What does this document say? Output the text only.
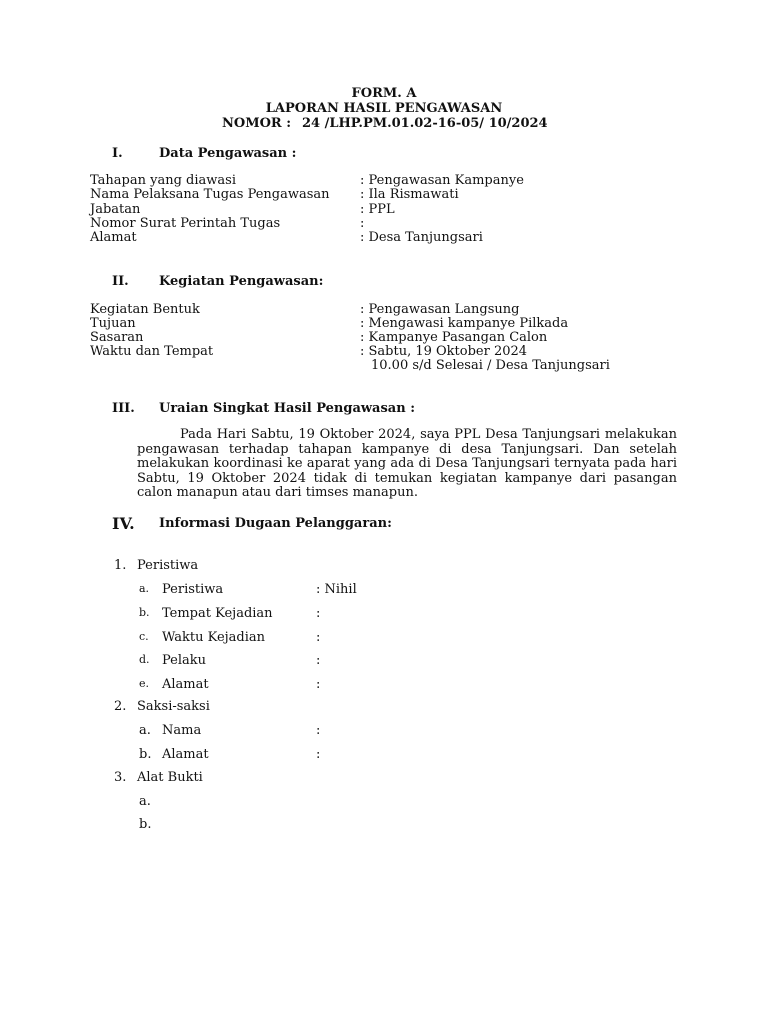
FORM. A
LAPORAN HASIL PENGAWASAN
NOMOR : 24 /LHP.PM.01.02-16-05/ 10/2024
I.	Data Pengawasan :
Tahapan yang diawasi	: Pengawasan Kampanye
Nama Pelaksana Tugas Pengawasan : Ila Rismawati
Jabatan	: PPL
Nomor Surat Perintah Tugas	:
Alamat	: Desa Tanjungsari
II. Kegiatan Pengawasan:
Kegiatan Bentuk	: Pengawasan Langsung
Tujuan	: Mengawasi kampanye Pilkada
Sasaran	: Kampanye Pasangan Calon
Waktu dan Tempat	: Sabtu, 19 Oktober 2024
10.00 s/d Selesai / Desa Tanjungsari
III. Uraian Singkat Hasil Pengawasan :
Pada Hari Sabtu, 19 Oktober 2024, saya PPL Desa Tanjungsari melakukan pengawasan terhadap tahapan kampanye di desa Tanjungsari. Dan setelah melakukan koordinasi ke aparat yang ada di Desa Tanjungsari ternyata pada hari Sabtu, 19 Oktober 2024 tidak di temukan kegiatan kampanye dari pasangan calon manapun atau dari timses manapun.
IV. Informasi Dugaan Pelanggaran:
1. Peristiwa
a. Peristiwa	: Nihil
b. Tempat Kejadian	:
c. Waktu Kejadian	:
d. Pelaku	:
e. Alamat	:
2. Saksi-saksi
a. Nama	:
b. Alamat	:
3. Alat Bukti
a.
b.
